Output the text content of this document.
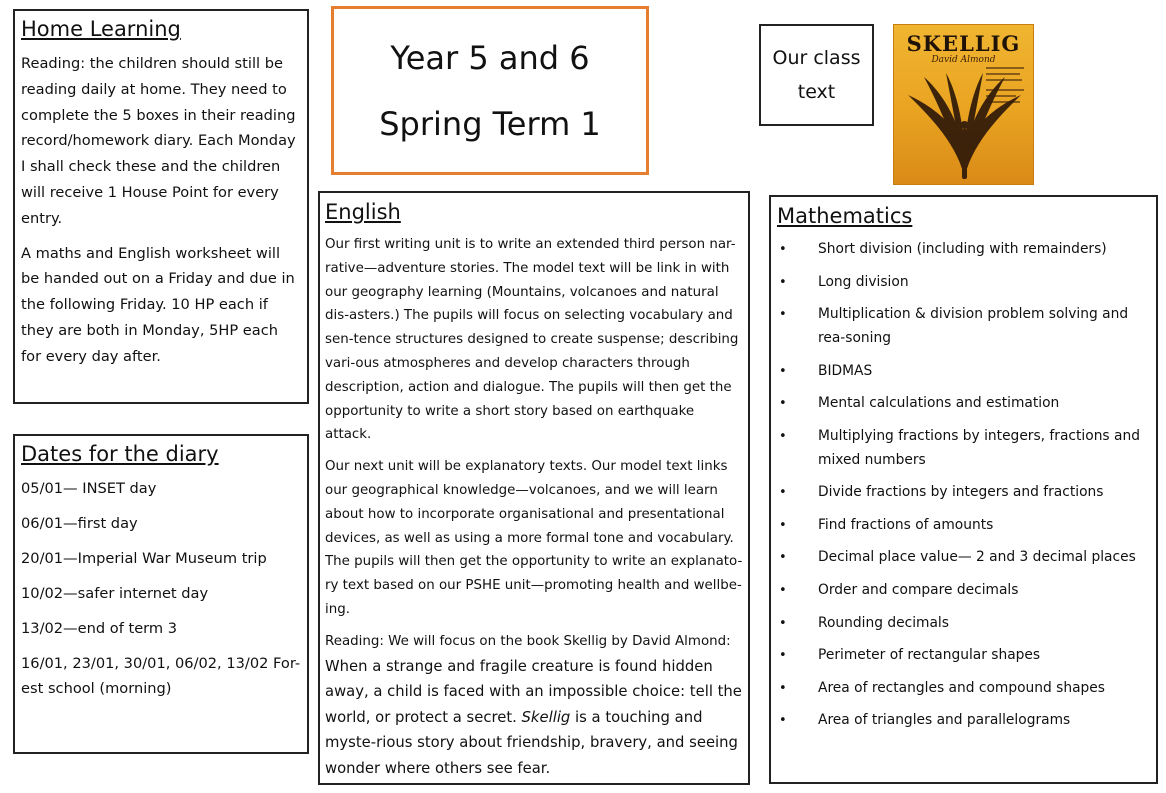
Home Learning

Reading: the children should still be reading daily at home. They need to complete the 5 boxes in their reading record/homework diary. Each Monday I shall check these and the children will receive 1 House Point for every entry.

A maths and English worksheet will be handed out on a Friday and due in the following Friday. 10 HP each if they are both in Monday, 5HP each for every day after.

Dates for the diary
05/01— INSET day
06/01—first day
20/01—Imperial War Museum trip
10/02—safer internet day
13/02—end of term 3
16/01, 23/01, 30/01, 06/02, 13/02 For-est school (morning)
Year 5 and 6
Spring Term 1
Our class
text
SKELLIG
David Almond
English

Our first writing unit is to write an extended third person nar-rative—adventure stories. The model text will be link in with our geography learning (Mountains, volcanoes and natural dis-asters.) The pupils will focus on selecting vocabulary and sen-tence structures designed to create suspense; describing vari-ous atmospheres and develop characters through description, action and dialogue. The pupils will then get the opportunity to write a short story based on earthquake attack.

Our next unit will be explanatory texts. Our model text links our geographical knowledge—volcanoes, and we will learn about how to incorporate organisational and presentational devices, as well as using a more formal tone and vocabulary. The pupils will then get the opportunity to write an explanato-ry text based on our PSHE unit—promoting health and wellbe-ing.

Reading: We will focus on the book Skellig by David Almond:

When a strange and fragile creature is found hidden away, a child is faced with an impossible choice: tell the world, or protect a secret. Skellig is a touching and myste-rious story about friendship, bravery, and seeing wonder where others see fear.

Mathematics
• Short division (including with remainders)
• Long division
• Multiplication & division problem solving and rea-soning
• BIDMAS
• Mental calculations and estimation
• Multiplying fractions by integers, fractions and mixed numbers
• Divide fractions by integers and fractions
• Find fractions of amounts
• Decimal place value— 2 and 3 decimal places
• Order and compare decimals
• Rounding decimals
• Perimeter of rectangular shapes
• Area of rectangles and compound shapes
• Area of triangles and parallelograms
